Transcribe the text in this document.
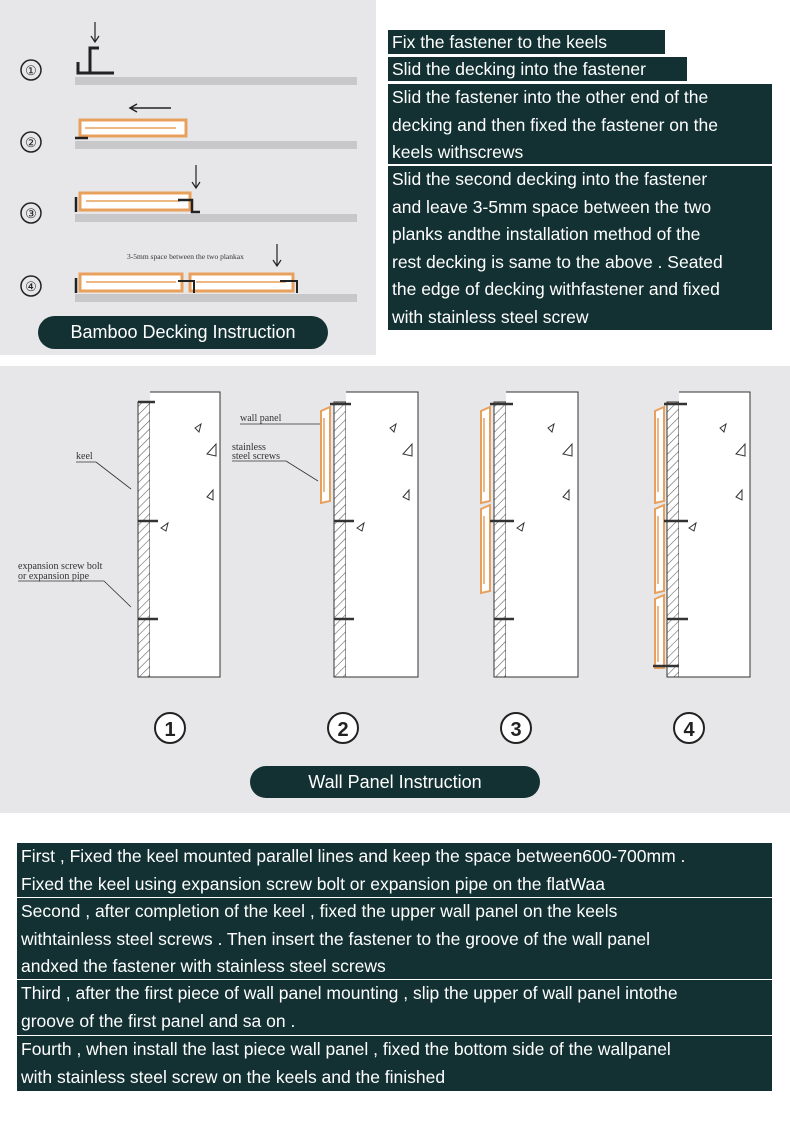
①
②
③
④
3-5mm space between the two plankax
Bamboo Decking Instruction
Fix the fastener to the keels
Slid the decking into the fastener
Slid the fastener into the other end of the
decking and then fixed the fastener on the
keels withscrews
Slid the second decking into the fastener
and leave 3-5mm space between the two
planks andthe installation method of the
rest decking is same to the above . Seated
the edge of decking withfastener and fixed
with stainless steel screw
keel
expansion screw bolt
or expansion pipe
wall panel
stainless
steel screws
1	2	3	4
Wall Panel Instruction
First , Fixed the keel mounted parallel lines and keep the space between600-700mm .
Fixed the keel using expansion screw bolt or expansion pipe on the flatWaa
Second , after completion of the keel , fixed the upper wall panel on the keels
withtainless steel screws . Then insert the fastener to the groove of the wall panel
andxed the fastener with stainless steel screws
Third , after the first piece of wall panel mounting , slip the upper of wall panel intothe
groove of the first panel and sa on .
Fourth , when install the last piece wall panel , fixed the bottom side of the wallpanel
with stainless steel screw on the keels and the finished
